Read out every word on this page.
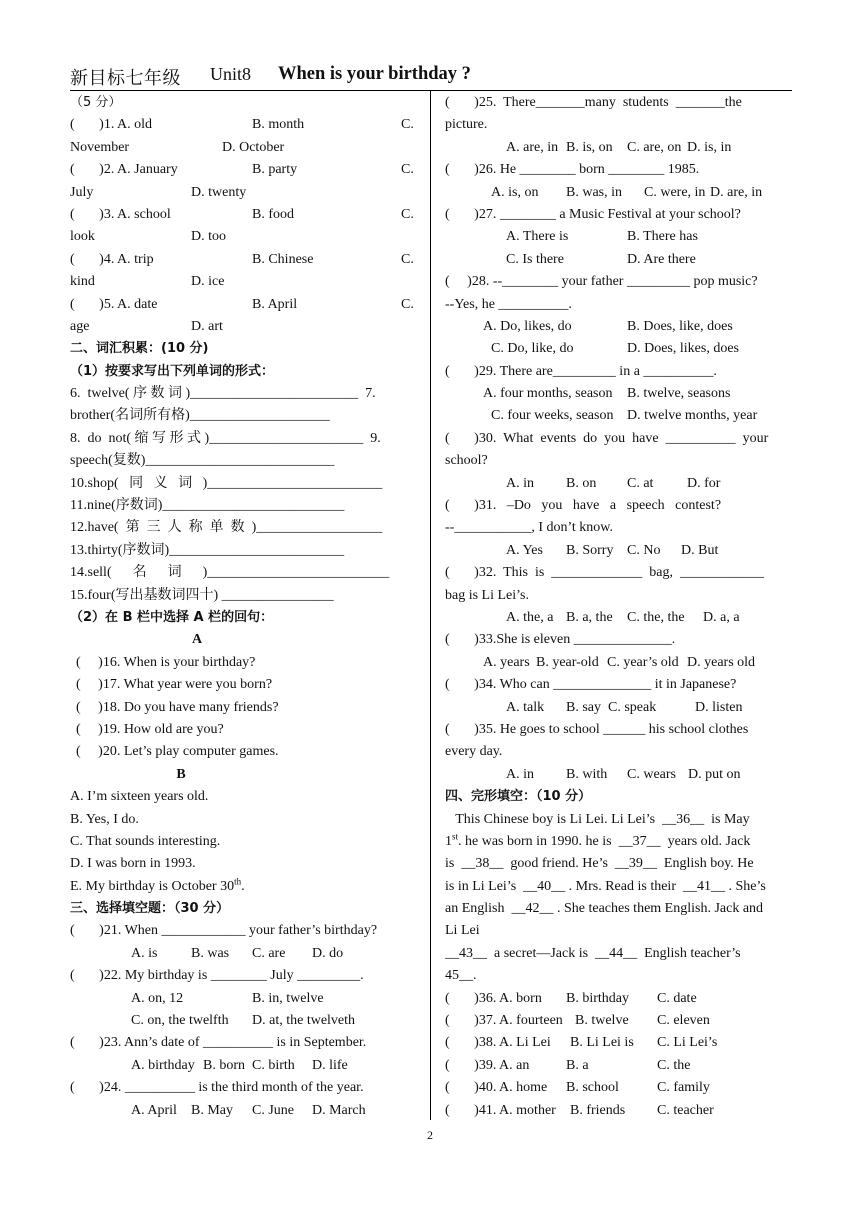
新目标七年级 Unit8 When is your birthday ?
（5 分）
(       )1. A. old	B. month	C.
November	D. October
(       )2. A. January	B. party	C.
July	D. twenty
(       )3. A. school	B. food	C.
look	D. too
(       )4. A. trip	B. Chinese	C.
kind	D. ice
(       )5. A. date	B. April	C.
age	D. art
二、词汇积累：(10 分)
（1）按要求写出下列单词的形式：
6.  twelve( 序 数 词 )________________________  7.
brother(名词所有格)____________________
8.  do  not( 缩 写 形 式 )______________________  9.
speech(复数)___________________________
10.shop(   同   义   词   )_________________________
11.nine(序数词)__________________________
12.have(  第  三  人  称  单  数  )__________________
13.thirty(序数词)_________________________
14.sell(      名      词      )__________________________
15.four(写出基数词四十) ________________
（2）在 B 栏中选择 A 栏的回句：
A
(     )16. When is your birthday?
(     )17. What year were you born?
(     )18. Do you have many friends?
(     )19. How old are you?
(     )20. Let’s play computer games.
B
A. I’m sixteen years old.
B. Yes, I do.
C. That sounds interesting.
D. I was born in 1993.
E. My birthday is October 30th.
三、选择填空题：（30 分）
(       )21. When ____________ your father’s birthday?
A. is B. was C. are D. do
(       )22. My birthday is ________ July _________.
A. on, 12	B. in, twelve
C. on, the twelfth D. at, the twelveth
(       )23. Ann’s date of __________ is in September.
A. birthday B. born C. birth D. life
(       )24. __________ is the third month of the year.
A. April B. May C. June D. March
(       )25.  There_______many  students  _______the
picture.
A. are, in B. is, on C. are, on D. is, in
(       )26. He ________ born ________ 1985.
A. is, on B. was, in C. were, in D. are, in
(       )27. ________ a Music Festival at your school?
A. There is	B. There has
C. Is there	D. Are there
(     )28. --________ your father _________ pop music?
--Yes, he __________.
A. Do, likes, do	B. Does, like, does
C. Do, like, do	D. Does, likes, does
(       )29. There are_________ in a __________.
A. four months, season B. twelve, seasons
C. four weeks, season D. twelve months, year
(       )30.  What  events  do  you  have  __________  your
school?
A. in B. on C. at D. for
(       )31.   –Do   you   have   a   speech   contest?
--___________, I don’t know.
A. Yes B. Sorry C. No D. But
(       )32.  This  is  _____________  bag,  ____________
bag is Li Lei’s.
A. the, a B. a, the C. the, the D. a, a
(       )33.She is eleven ______________.
A. years B. year-old C. year’s old D. years old
(       )34. Who can ______________ it in Japanese?
A. talk B. say C. speak	D. listen
(       )35. He goes to school ______ his school clothes
every day.
A. in B. with C. wears D. put on
四、完形填空：（10 分）
This Chinese boy is Li Lei. Li Lei’s  __36__  is May
1st. he was born in 1990. he is  __37__  years old. Jack
is  __38__  good friend. He’s  __39__  English boy. He
is in Li Lei’s  __40__ . Mrs. Read is their  __41__ . She’s
an English  __42__ . She teaches them English. Jack and
Li Lei
__43__  a secret—Jack is  __44__  English teacher’s
45__.
(       )36. A. born B. birthday C. date
(       )37. A. fourteen B. twelve C. eleven
(       )38. A. Li Lei B. Li Lei is C. Li Lei’s
(       )39. A. an	B. a	C. the
(       )40. A. home B. school	C. family
(       )41. A. mother B. friends C. teacher
2
